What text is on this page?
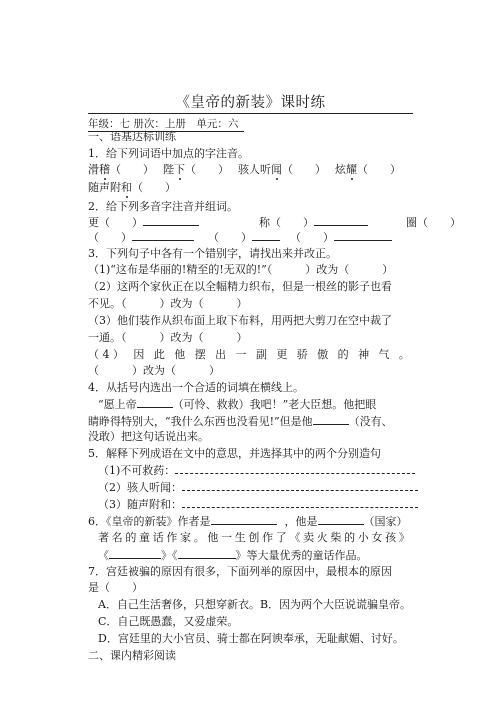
《皇帝的新装》课时练
年级：七 册次：上册　单元：六
一、语基达标训练
1．给下列词语中加点的字注音。
滑稽（　　）　 陛下（　　）　 骇人听闻（　　）　 炫耀（　　）
随声附和（　　）
2．给下列多音字注音并组词。
更（　　）	称（　　）	圈（　　）
（　　）	（　　）	（　　）
3．下列句子中各有一个错别字，请找出来并改正。
（1)“这布是华丽的!精至的!无双的!”（　　　）改为（　　　）
（2）这两个家伙正在以全幅精力织布，但是一根丝的影子也看
不见。（　　　）改为（　　　）
（3）他们装作从织布面上取下布料，用两把大剪刀在空中裁了
一通。（　　　）改为（　　　）
（ 4 ） 因 此 他 摆 出 一 副 更 骄 傲 的 神 气 。
（　　　）改为（　　　）
4．从括号内选出一个合适的词填在横线上。
“愿上帝	（可怜、救救）我吧！”老大臣想。他把眼
睛睁得特别大，“我什么东西也没看见!”但是他	（没有、
没敢）把这句话说出来。
5．解释下列成语在文中的意思，并选择其中的两个分别造句
（1)不可救药：
（2）骇人听闻：
（3）随声附和：
6．《皇帝的新装》作者是	，他是	（国家）
著 名 的 童 话 作 家 。 他 一 生 创 作 了 《 卖 火 柴 的 小 女 孩 》
《	》《	》等大量优秀的童话作品。
7．宫廷被骗的原因有很多，下面列举的原因中，最根本的原因
是（　　）
A．自己生活奢侈，只想穿新衣。B．因为两个大臣说谎骗皇帝。
C．自己既愚蠢，又爱虚荣。
D．宫廷里的大小官员、骑士都在阿谀奉承，无耻献媚、讨好。
二、课内精彩阅读
